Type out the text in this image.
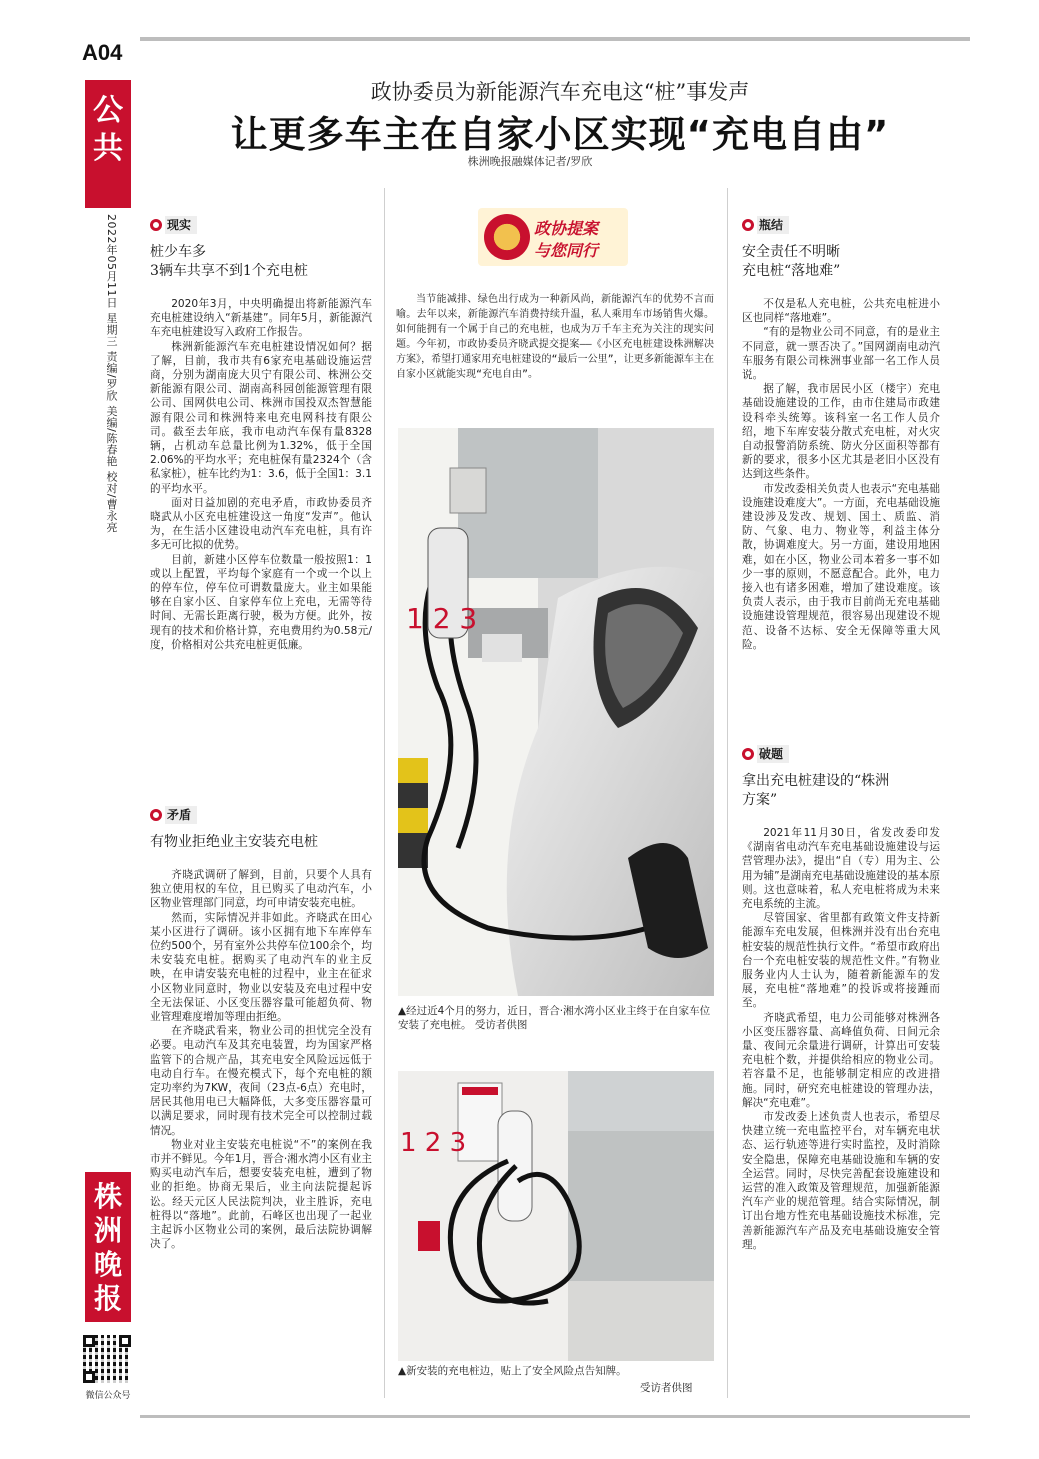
A04
公
共
2022年05月11日 星期三 责编/罗欣 美编/陈春艳 校对/曹永亮
株
洲
晚
报
微信公众号
政协委员为新能源汽车充电这“桩”事发声
让更多车主在自家小区实现“充电自由”
株洲晚报融媒体记者/罗欣
现实
桩少车多
3辆车共享不到1个充电桩

2020年3月，中央明确提出将新能源汽车充电桩建设纳入“新基建”。同年5月，新能源汽车充电桩建设写入政府工作报告。

株洲新能源汽车充电桩建设情况如何？据了解，目前，我市共有6家充电基础设施运营商，分别为湖南庞大贝宁有限公司、株洲公交新能源有限公司、湖南高科园创能源管理有限公司、国网供电公司、株洲市国投双杰智慧能源有限公司和株洲特来电充电网科技有限公司。截至去年底，我市电动汽车保有量8328辆，占机动车总量比例为1.32%，低于全国2.06%的平均水平；充电桩保有量2324个（含私家桩），桩车比约为1：3.6，低于全国1：3.1的平均水平。

面对日益加剧的充电矛盾，市政协委员齐晓武从小区充电桩建设这一角度“发声”。他认为，在生活小区建设电动汽车充电桩，具有许多无可比拟的优势。

目前，新建小区停车位数量一般按照1：1或以上配置，平均每个家庭有一个或一个以上的停车位，停车位可谓数量庞大。业主如果能够在自家小区、自家停车位上充电，无需等待时间、无需长距离行驶，极为方便。此外，按现有的技术和价格计算，充电费用约为0.58元/度，价格相对公共充电桩更低廉。

矛盾
有物业拒绝业主安装充电桩

齐晓武调研了解到，目前，只要个人具有独立使用权的车位，且已购买了电动汽车，小区物业管理部门同意，均可申请安装充电桩。

然而，实际情况并非如此。齐晓武在田心某小区进行了调研。该小区拥有地下车库停车位约500个，另有室外公共停车位100余个，均未安装充电桩。据购买了电动汽车的业主反映，在申请安装充电桩的过程中，业主在征求小区物业同意时，物业以安装及充电过程中安全无法保证、小区变压器容量可能超负荷、物业管理难度增加等理由拒绝。

在齐晓武看来，物业公司的担忧完全没有必要。电动汽车及其充电装置，均为国家严格监管下的合规产品，其充电安全风险远远低于电动自行车。在慢充模式下，每个充电桩的额定功率约为7KW，夜间（23点-6点）充电时，居民其他用电已大幅降低，大多变压器容量可以满足要求，同时现有技术完全可以控制过载情况。

物业对业主安装充电桩说“不”的案例在我市并不鲜见。今年1月，晋合·湘水湾小区有业主购买电动汽车后，想要安装充电桩，遭到了物业的拒绝。协商无果后，业主向法院提起诉讼。经天元区人民法院判决，业主胜诉，充电桩得以“落地”。此前，石峰区也出现了一起业主起诉小区物业公司的案例，最后法院协调解决了。

政协提案
与您同行

当节能减排、绿色出行成为一种新风尚，新能源汽车的优势不言而喻。去年以来，新能源汽车消费持续升温，私人乘用车市场销售火爆。如何能拥有一个属于自己的充电桩，也成为万千车主充为关注的现实问题。今年初，市政协委员齐晓武提交提案——《小区充电桩建设株洲解决方案》，希望打通家用充电桩建设的“最后一公里”，让更多新能源车主在自家小区就能实现“充电自由”。

1 2 3
▲经过近4个月的努力，近日，晋合·湘水湾小区业主终于在自家车位安装了充电桩。 受访者供图
1 2 3
▲新安装的充电桩边，贴上了安全风险点告知牌。
受访者供图
瓶结
安全责任不明晰
充电桩“落地难”

不仅是私人充电桩，公共充电桩进小区也同样“落地难”。

“有的是物业公司不同意，有的是业主不同意，就一票否决了。”国网湖南电动汽车服务有限公司株洲事业部一名工作人员说。

据了解，我市居民小区（楼宇）充电基础设施建设的工作，由市住建局市政建设科牵头统筹。该科室一名工作人员介绍，地下车库安装分散式充电桩，对火灾自动报警消防系统、防火分区面积等都有新的要求，很多小区尤其是老旧小区没有达到这些条件。

市发改委相关负责人也表示“充电基础设施建设难度大”。一方面，充电基础设施建设涉及发改、规划、国土、质监、消防、气象、电力、物业等，利益主体分散，协调难度大。另一方面，建设用地困难，如在小区，物业公司本着多一事不如少一事的原则，不愿意配合。此外，电力接入也有诸多困难，增加了建设难度。该负责人表示，由于我市目前尚无充电基础设施建设管理规范，很容易出现建设不规范、设备不达标、安全无保障等重大风险。

破题
拿出充电桩建设的“株洲
方案”

2021年11月30日，省发改委印发《湖南省电动汽车充电基础设施建设与运营管理办法》，提出“自（专）用为主、公用为辅”是湖南充电基础设施建设的基本原则。这也意味着，私人充电桩将成为未来充电系统的主流。

尽管国家、省里都有政策文件支持新能源车充电发展，但株洲并没有出台充电桩安装的规范性执行文件。“希望市政府出台一个充电桩安装的规范性文件。”有物业服务业内人士认为，随着新能源车的发展，充电桩“落地难”的投诉或将接踵而至。

齐晓武希望，电力公司能够对株洲各小区变压器容量、高峰值负荷、日间元余量、夜间元余量进行调研，计算出可安装充电桩个数，并提供给相应的物业公司。若容量不足，也能够制定相应的改进措施。同时，研究充电桩建设的管理办法，解决“充电难”。

市发改委上述负责人也表示，希望尽快建立统一充电监控平台，对车辆充电状态、运行轨迹等进行实时监控，及时消除安全隐患，保障充电基础设施和车辆的安全运营。同时，尽快完善配套设施建设和运营的准入政策及管理规范，加强新能源汽车产业的规范管理。结合实际情况，制订出台地方性充电基础设施技术标准，完善新能源汽车产品及充电基础设施安全管理。
